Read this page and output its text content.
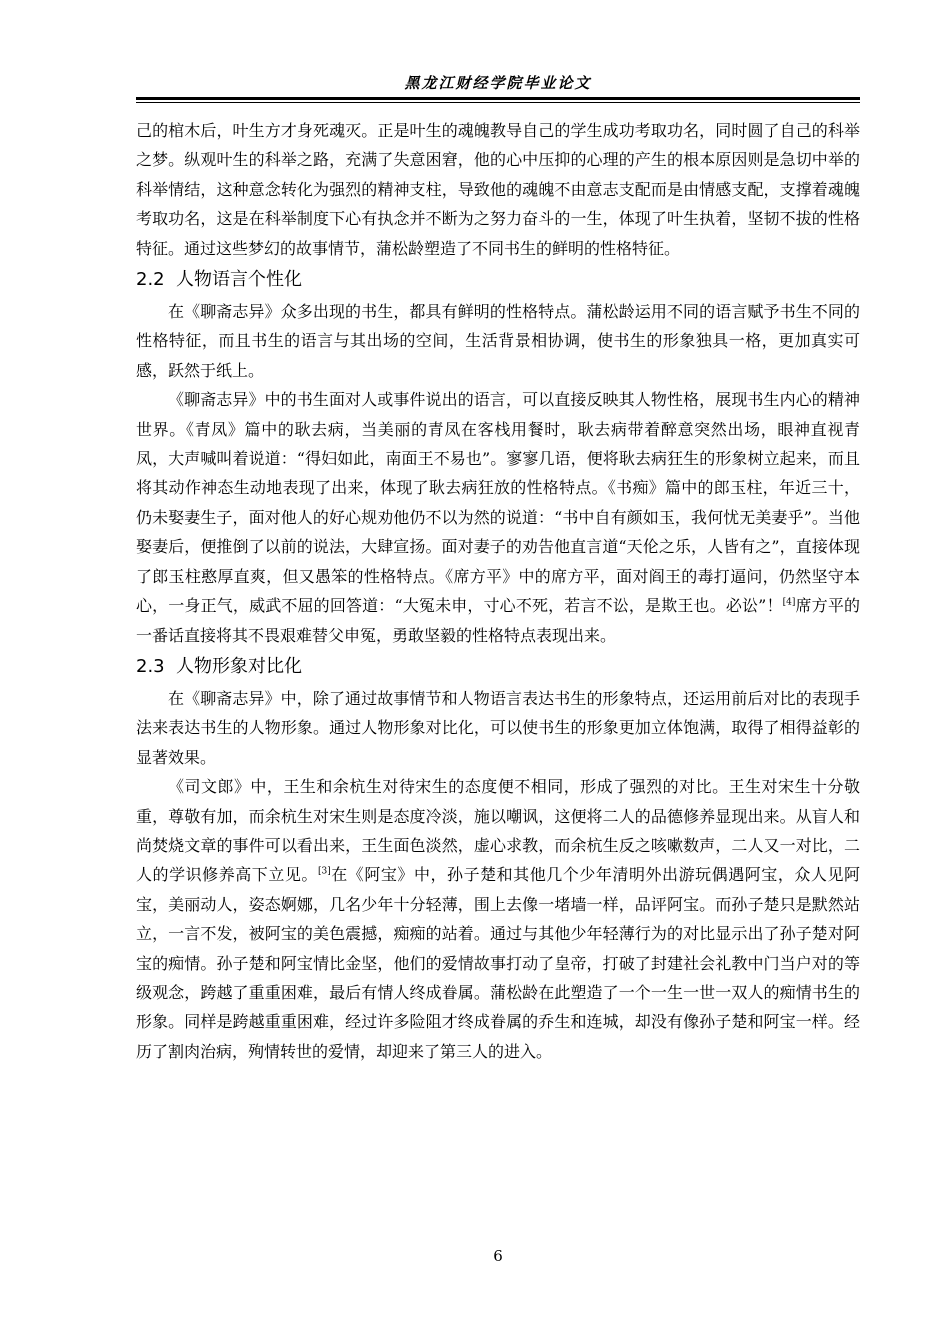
黑龙江财经学院毕业论文

己的棺木后，叶生方才身死魂灭。正是叶生的魂魄教导自己的学生成功考取功名，同时圆了自己的科举之梦。纵观叶生的科举之路，充满了失意困窘，他的心中压抑的心理的产生的根本原因则是急切中举的科举情结，这种意念转化为强烈的精神支柱，导致他的魂魄不由意志支配而是由情感支配，支撑着魂魄考取功名，这是在科举制度下心有执念并不断为之努力奋斗的一生，体现了叶生执着，坚韧不拔的性格特征。通过这些梦幻的故事情节，蒲松龄塑造了不同书生的鲜明的性格特征。

2.2 人物语言个性化

在《聊斋志异》众多出现的书生，都具有鲜明的性格特点。蒲松龄运用不同的语言赋予书生不同的性格特征，而且书生的语言与其出场的空间，生活背景相协调，使书生的形象独具一格，更加真实可感，跃然于纸上。

《聊斋志异》中的书生面对人或事件说出的语言，可以直接反映其人物性格，展现书生内心的精神世界。《青凤》篇中的耿去病，当美丽的青凤在客栈用餐时，耿去病带着醉意突然出场，眼神直视青凤，大声喊叫着说道：“得妇如此，南面王不易也”。寥寥几语，便将耿去病狂生的形象树立起来，而且将其动作神态生动地表现了出来，体现了耿去病狂放的性格特点。《书痴》篇中的郎玉柱，年近三十，仍未娶妻生子，面对他人的好心规劝他仍不以为然的说道：“书中自有颜如玉，我何忧无美妻乎”。当他娶妻后，便推倒了以前的说法，大肆宣扬。面对妻子的劝告他直言道“天伦之乐，人皆有之”，直接体现了郎玉柱憨厚直爽，但又愚笨的性格特点。《席方平》中的席方平，面对阎王的毒打逼问，仍然坚守本心，一身正气，威武不屈的回答道：“大冤未申，寸心不死，若言不讼，是欺王也。必讼”！[4]席方平的一番话直接将其不畏艰难替父申冤，勇敢坚毅的性格特点表现出来。

2.3 人物形象对比化

在《聊斋志异》中，除了通过故事情节和人物语言表达书生的形象特点，还运用前后对比的表现手法来表达书生的人物形象。通过人物形象对比化，可以使书生的形象更加立体饱满，取得了相得益彰的显著效果。

《司文郎》中，王生和余杭生对待宋生的态度便不相同，形成了强烈的对比。王生对宋生十分敬重，尊敬有加，而余杭生对宋生则是态度冷淡，施以嘲讽，这便将二人的品德修养显现出来。从盲人和尚焚烧文章的事件可以看出来，王生面色淡然，虚心求教，而余杭生反之咳嗽数声，二人又一对比，二人的学识修养高下立见。[3]在《阿宝》中，孙子楚和其他几个少年清明外出游玩偶遇阿宝，众人见阿宝，美丽动人，姿态婀娜，几名少年十分轻薄，围上去像一堵墙一样，品评阿宝。而孙子楚只是默然站立，一言不发，被阿宝的美色震撼，痴痴的站着。通过与其他少年轻薄行为的对比显示出了孙子楚对阿宝的痴情。孙子楚和阿宝情比金坚，他们的爱情故事打动了皇帝，打破了封建社会礼教中门当户对的等级观念，跨越了重重困难，最后有情人终成眷属。蒲松龄在此塑造了一个一生一世一双人的痴情书生的形象。同样是跨越重重困难，经过许多险阻才终成眷属的乔生和连城，却没有像孙子楚和阿宝一样。经历了割肉治病，殉情转世的爱情，却迎来了第三人的进入。

6
